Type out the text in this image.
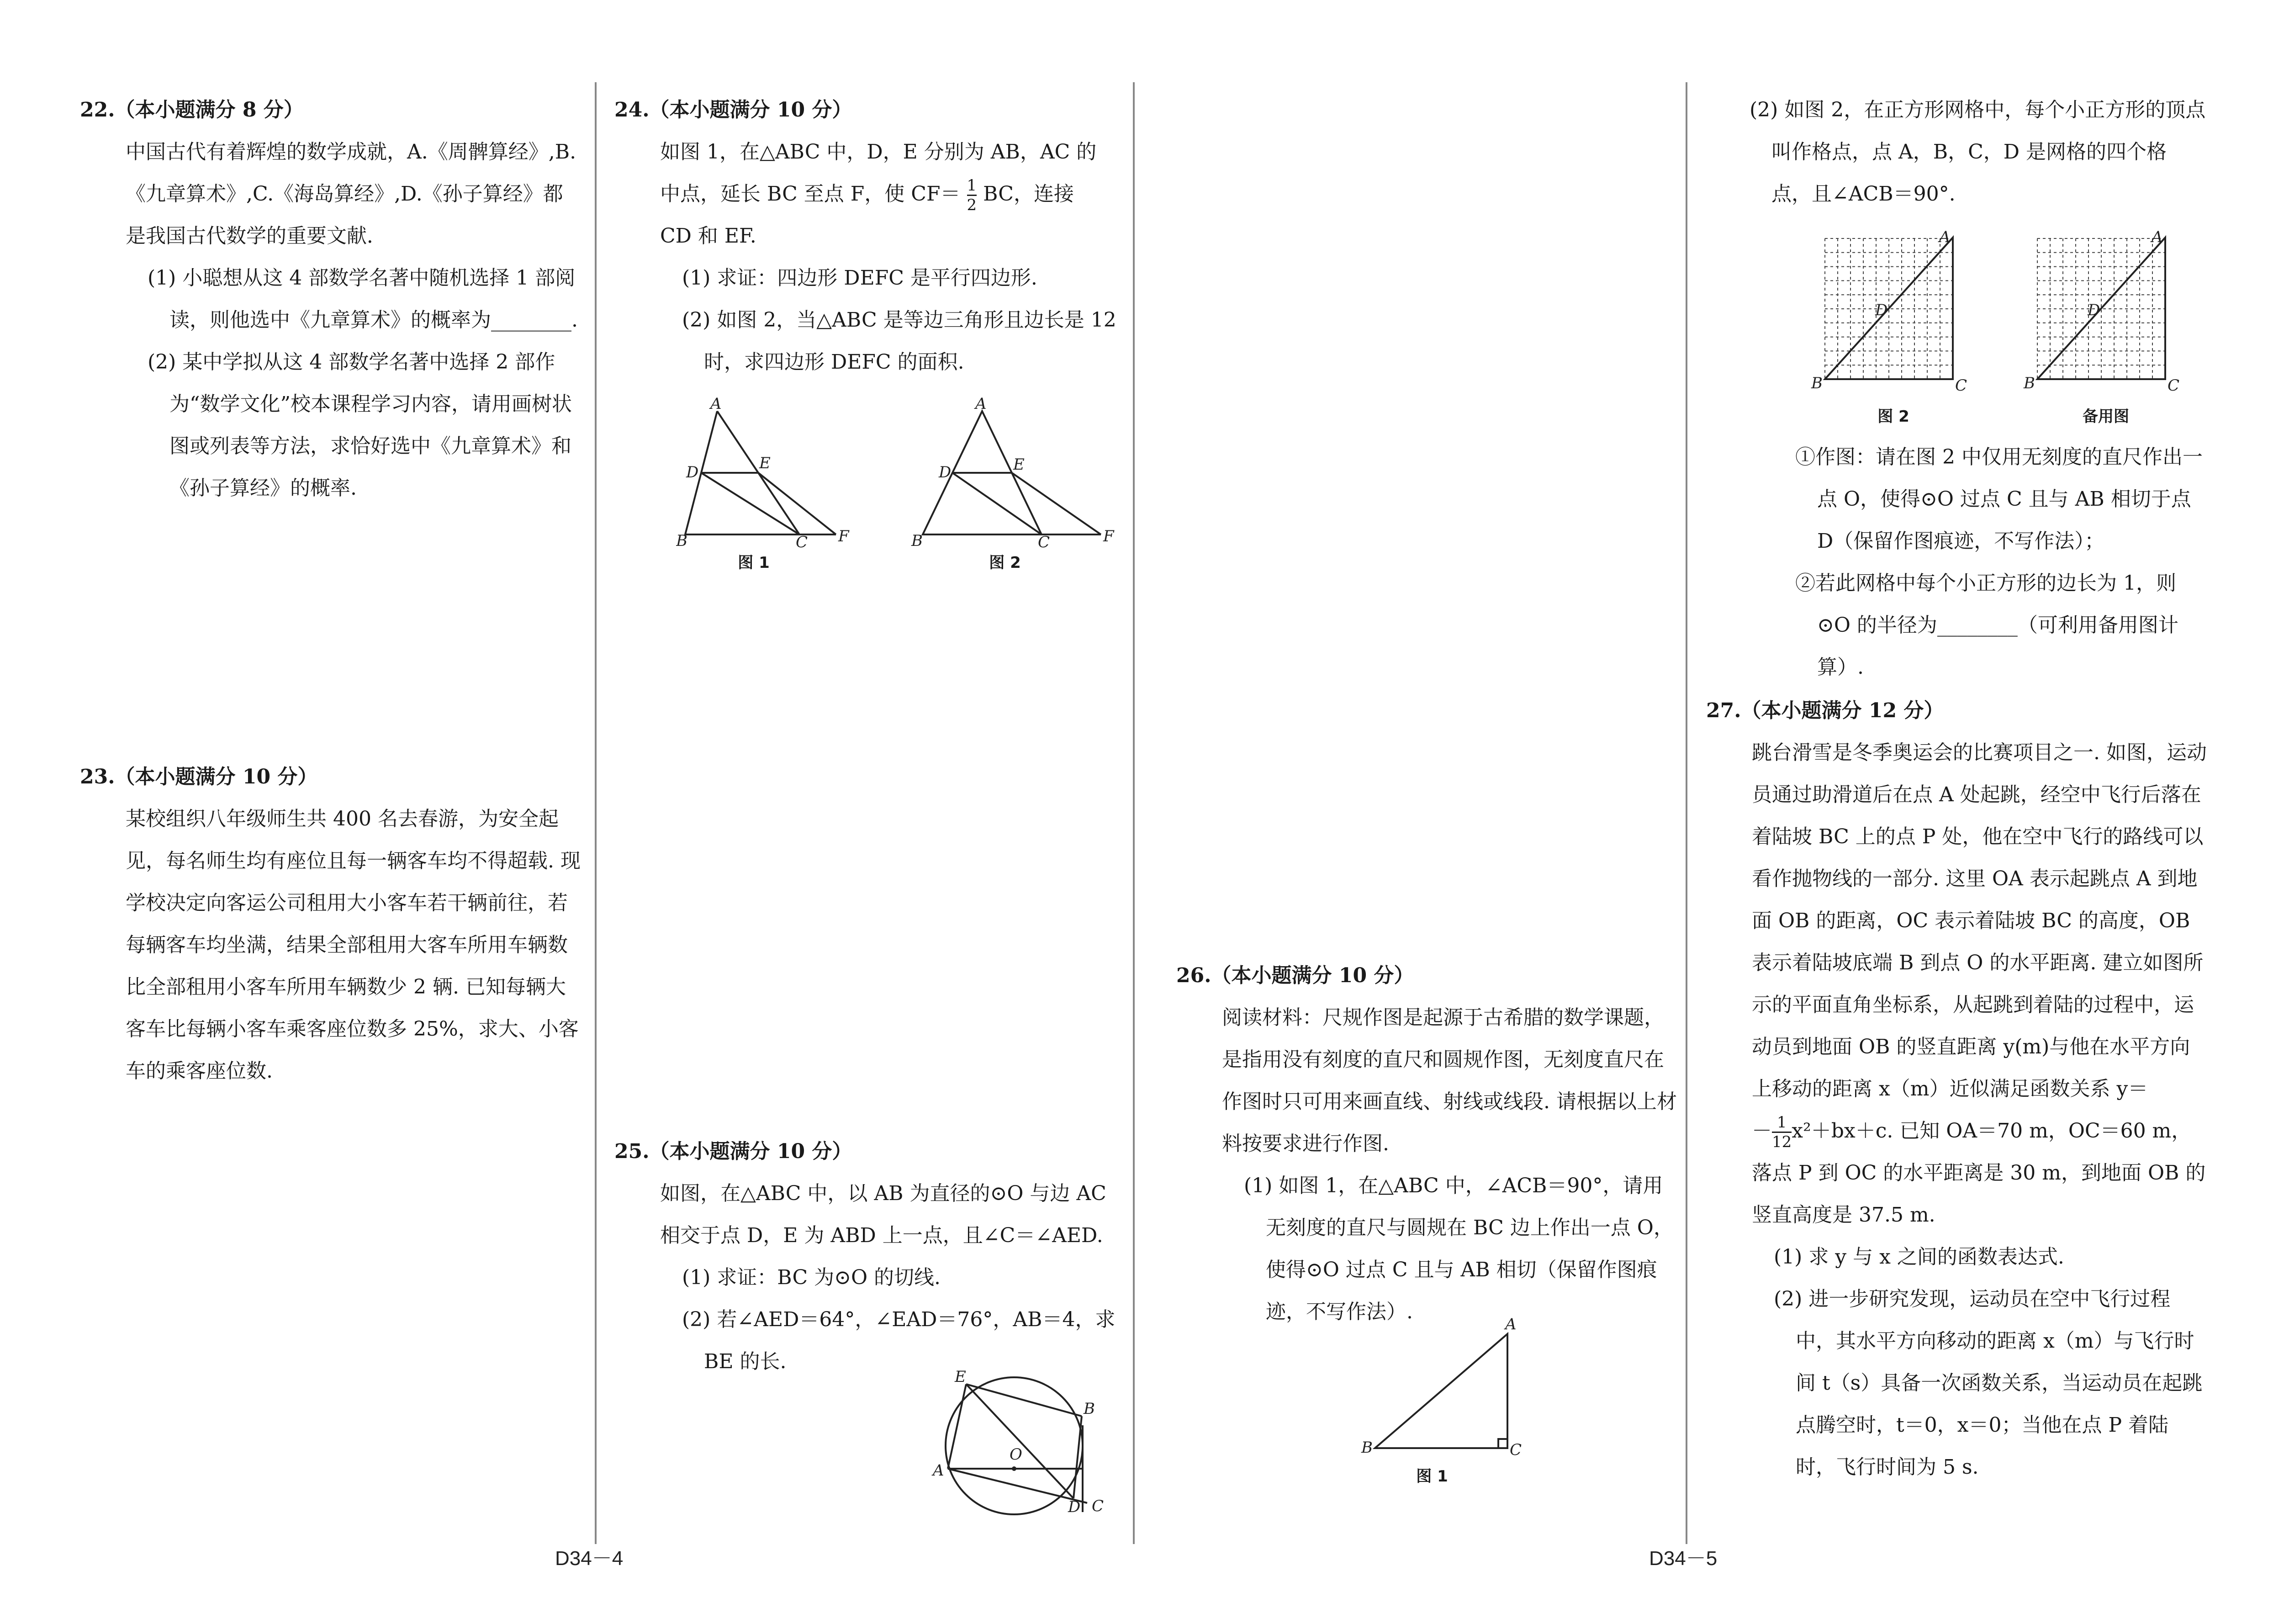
22.（本小题满分 8 分）

中国古代有着辉煌的数学成就，A.《周髀算经》,B.《九章算术》,C.《海岛算经》,D.《孙子算经》都是我国古代数学的重要文献．

(1) 小聪想从这 4 部数学名著中随机选择 1 部阅读，则他选中《九章算术》的概率为________.

(2) 某中学拟从这 4 部数学名著中选择 2 部作为“数学文化”校本课程学习内容，请用画树状图或列表等方法，求恰好选中《九章算术》和《孙子算经》的概率.

23.（本小题满分 10 分）

某校组织八年级师生共 400 名去春游，为安全起见，每名师生均有座位且每一辆客车均不得超载. 现学校决定向客运公司租用大小客车若干辆前往，若每辆客车均坐满，结果全部租用大客车所用车辆数比全部租用小客车所用车辆数少 2 辆. 已知每辆大客车比每辆小客车乘客座位数多 25%，求大、小客车的乘客座位数.

D34－4
24.（本小题满分 10 分）

如图 1，在△ABC 中，D，E 分别为 AB，AC 的

中点，延长 BC 至点 F，使 $CF= \frac{1}{2}$ BC，连接

CD 和 EF.

(1) 求证：四边形 DEFC 是平行四边形.

(2) 如图 2，当△ABC 是等边三角形且边长是 12 时，求四边形 DEFC 的面积.

A
D	E
B	C F
图 1
A
D	E
B	C	F
图 2
25.（本小题满分 10 分）

如图，在△ABC 中，以 AB 为直径的⊙O 与边 AC 相交于点 D，E 为 ABD 上一点，且∠C＝∠AED.

(1) 求证：BC 为⊙O 的切线.

(2) 若∠AED＝64°，∠EAD＝76°，AB＝4，求 BE 的长.

E
B
O
A
D C
26.（本小题满分 10 分）

阅读材料：尺规作图是起源于古希腊的数学课题，是指用没有刻度的直尺和圆规作图，无刻度直尺在作图时只可用来画直线、射线或线段. 请根据以上材料按要求进行作图.

(1) 如图 1，在△ABC 中，∠ACB＝90°，请用无刻度的直尺与圆规在 BC 边上作出一点 O，使得⊙O 过点 C 且与 AB 相切（保留作图痕迹，不写作法）.

A
B	C
图 1
D34－5

(2) 如图 2，在正方形网格中，每个小正方形的顶点叫作格点，点 A，B，C，D 是网格的四个格点，且∠ACB＝90°.

D
A
B	C
图 2
D
A
B	C
备用图

①作图：请在图 2 中仅用无刻度的直尺作出一点 O，使得⊙O 过点 C 且与 AB 相切于点 D（保留作图痕迹，不写作法）；

②若此网格中每个小正方形的边长为 1，则⊙O 的半径为________（可利用备用图计算）.

27.（本小题满分 12 分）

跳台滑雪是冬季奥运会的比赛项目之一. 如图，运动员通过助滑道后在点 A 处起跳，经空中飞行后落在着陆坡 BC 上的点 P 处，他在空中飞行的路线可以看作抛物线的一部分. 这里 OA 表示起跳点 A 到地面 OB 的距离，OC 表示着陆坡 BC 的高度，OB 表示着陆坡底端 B 到点 O 的水平距离. 建立如图所示的平面直角坐标系，从起跳到着陆的过程中，运动员到地面 OB 的竖直距离 y(m)与他在水平方向上移动的距离 x（m）近似满足函数关系 y＝

－ $\frac{1}{12} x^2+bx+c$. 已知 OA＝70 m，OC＝60 m，

落点 P 到 OC 的水平距离是 30 m，到地面 OB 的竖直高度是 37.5 m.

(1) 求 y 与 x 之间的函数表达式.

(2) 进一步研究发现，运动员在空中飞行过程中，其水平方向移动的距离 x（m）与飞行时间 t（s）具备一次函数关系，当运动员在起跳点腾空时，t＝0，x＝0；当他在点 P 着陆时，飞行时间为 5 s.
